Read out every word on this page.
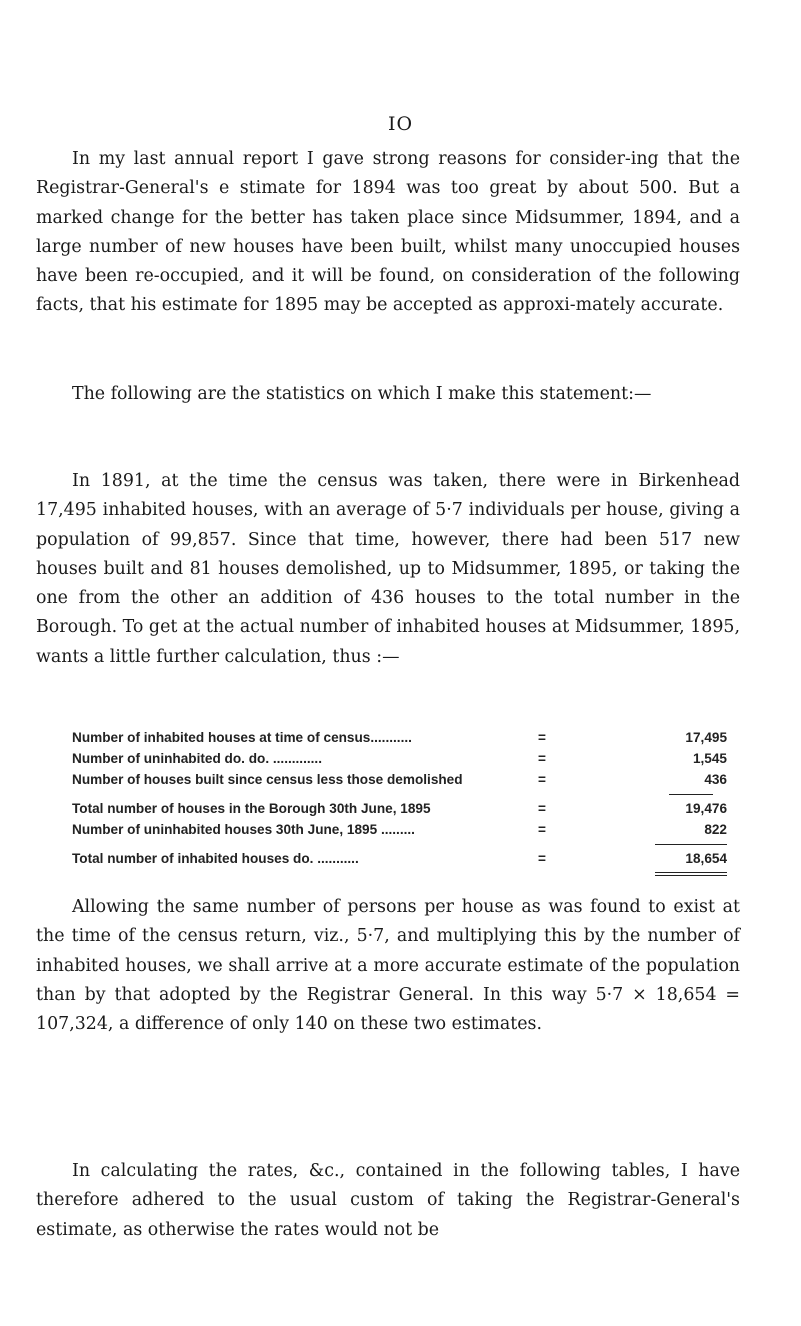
IO

In my last annual report I gave strong reasons for consider-ing that the Registrar-General's e stimate for 1894 was too great by about 500. But a marked change for the better has taken place since Midsummer, 1894, and a large number of new houses have been built, whilst many unoccupied houses have been re-occupied, and it will be found, on consideration of the following facts, that his estimate for 1895 may be accepted as approxi-mately accurate.

The following are the statistics on which I make this statement:—

In 1891, at the time the census was taken, there were in Birkenhead 17,495 inhabited houses, with an average of 5·7 individuals per house, giving a population of 99,857. Since that time, however, there had been 517 new houses built and 81 houses demolished, up to Midsummer, 1895, or taking the one from the other an addition of 436 houses to the total number in the Borough. To get at the actual number of inhabited houses at Midsummer, 1895, wants a little further calculation, thus :—

Number of inhabited houses at time of census...........	=	17,495
Number of uninhabited do. do. .............	=	1,545
Number of houses built since census less those demolished	=	436
Total number of houses in the Borough 30th June, 1895	=	19,476
Number of uninhabited houses 30th June, 1895 .........	=	822
Total number of inhabited houses do. ...........	=	18,654

Allowing the same number of persons per house as was found to exist at the time of the census return, viz., 5·7, and multiplying this by the number of inhabited houses, we shall arrive at a more accurate estimate of the population than by that adopted by the Registrar General. In this way 5·7 × 18,654 = 107,324, a difference of only 140 on these two estimates.

In calculating the rates, &c., contained in the following tables, I have therefore adhered to the usual custom of taking the Registrar-General's estimate, as otherwise the rates would not be
